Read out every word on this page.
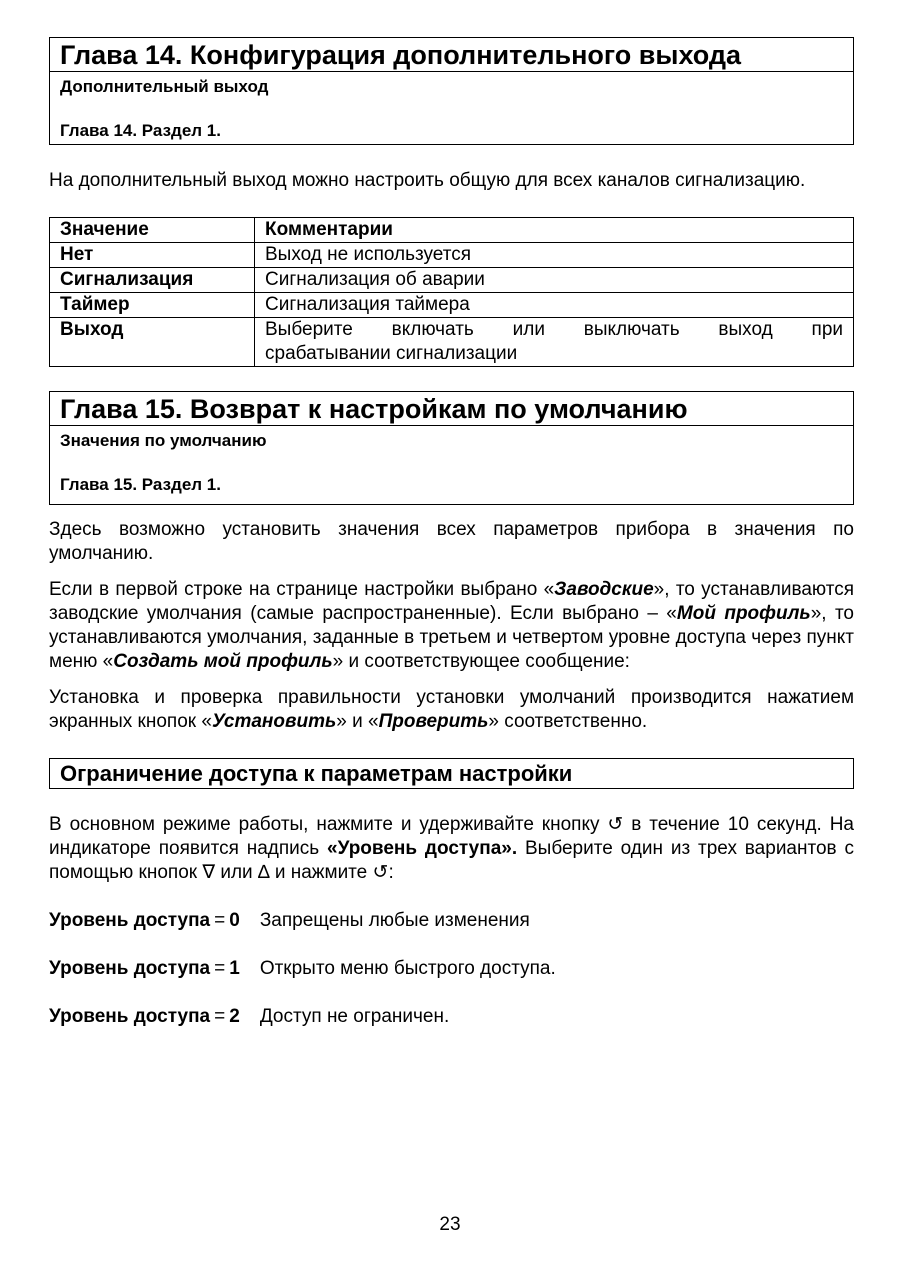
Глава 14. Конфигурация дополнительного выхода
Дополнительный выход
Глава 14. Раздел 1.

На дополнительный выход можно настроить общую для всех каналов сигнализацию.

Значение	Комментарии
Нет	Выход не используется
Сигнализация	Сигнализация об аварии
Таймер	Сигнализация таймера
Выход	Выберите включать или выключать выход при
срабатывании сигнализации
Глава 15. Возврат к настройкам по умолчанию
Значения по умолчанию
Глава 15. Раздел 1.

Здесь возможно установить значения всех параметров прибора в значения по умолчанию.

Если в первой строке на странице настройки выбрано «Заводские», то устанавливаются заводские умолчания (самые распространенные). Если выбрано – «Мой профиль», то устанавливаются умолчания, заданные в третьем и четвертом уровне доступа через пункт меню «Создать мой профиль» и соответствующее сообщение:

Установка и проверка правильности установки умолчаний производится нажатием экранных кнопок «Установить» и «Проверить» соответственно.

Ограничение доступа к параметрам настройки

В основном режиме работы, нажмите и удерживайте кнопку ↺ в течение 10 секунд. На индикаторе появится надпись «Уровень доступа». Выберите один из трех вариантов с помощью кнопок ∇ или ∆ и нажмите ↺:

Уровень доступа = 0 Запрещены любые изменения
Уровень доступа = 1 Открыто меню быстрого доступа.
Уровень доступа = 2 Доступ не ограничен.
23
